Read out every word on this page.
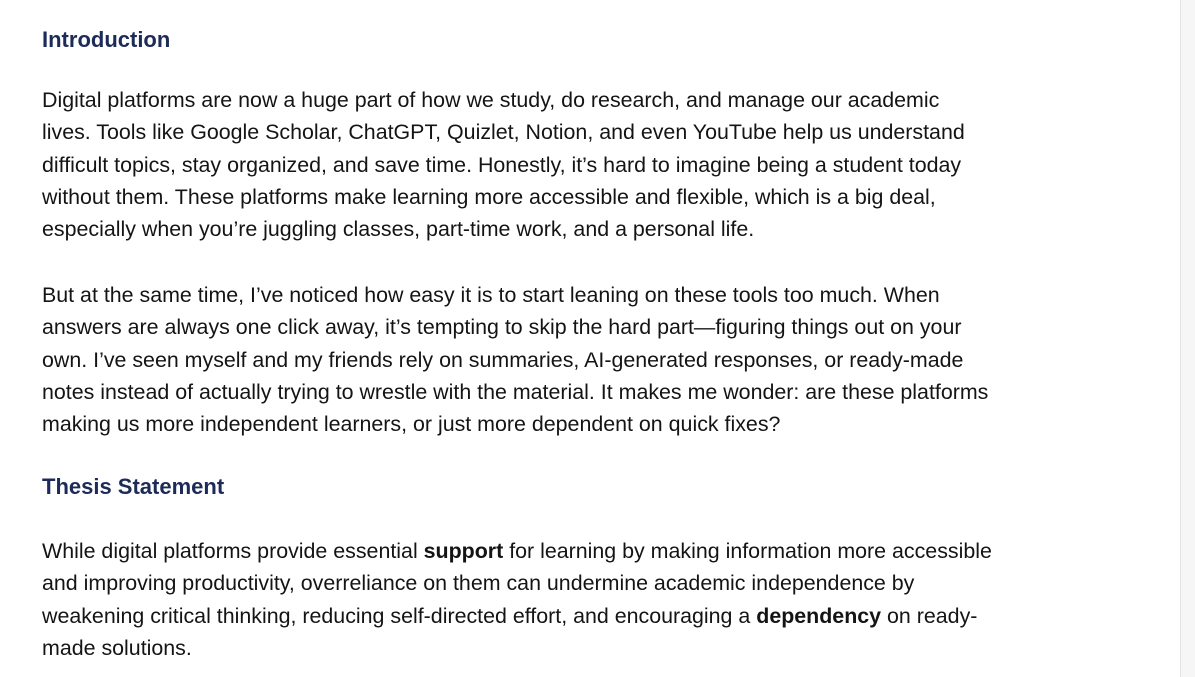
Introduction

Digital platforms are now a huge part of how we study, do research, and manage our academic
lives. Tools like Google Scholar, ChatGPT, Quizlet, Notion, and even YouTube help us understand
difficult topics, stay organized, and save time. Honestly, it’s hard to imagine being a student today
without them. These platforms make learning more accessible and flexible, which is a big deal,
especially when you’re juggling classes, part-time work, and a personal life.

But at the same time, I’ve noticed how easy it is to start leaning on these tools too much. When
answers are always one click away, it’s tempting to skip the hard part—figuring things out on your
own. I’ve seen myself and my friends rely on summaries, AI-generated responses, or ready-made
notes instead of actually trying to wrestle with the material. It makes me wonder: are these platforms
making us more independent learners, or just more dependent on quick fixes?

Thesis Statement

While digital platforms provide essential support for learning by making information more accessible
and improving productivity, overreliance on them can undermine academic independence by
weakening critical thinking, reducing self-directed effort, and encouraging a dependency on ready-
made solutions.
